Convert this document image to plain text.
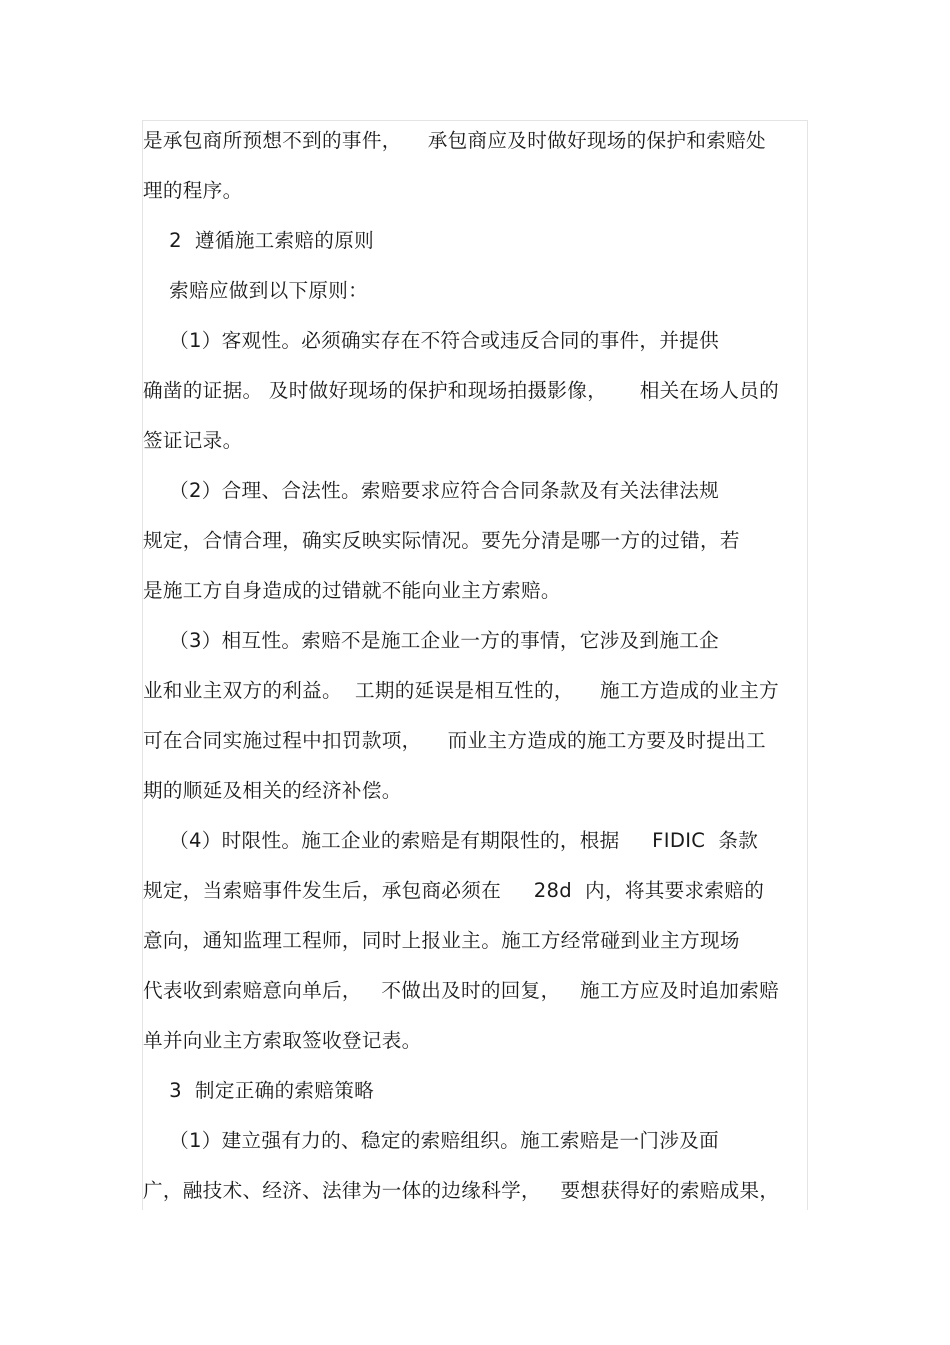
是承包商所预想不到的事件，    承包商应及时做好现场的保护和索赔处
理的程序。
2  遵循施工索赔的原则
索赔应做到以下原则：
（1）客观性。必须确实存在不符合或违反合同的事件，并提供
确凿的证据。 及时做好现场的保护和现场拍摄影像，     相关在场人员的
签证记录。
（2）合理、合法性。索赔要求应符合合同条款及有关法律法规
规定，合情合理，确实反映实际情况。要先分清是哪一方的过错，若
是施工方自身造成的过错就不能向业主方索赔。
（3）相互性。索赔不是施工企业一方的事情，它涉及到施工企
业和业主双方的利益。  工期的延误是相互性的，    施工方造成的业主方
可在合同实施过程中扣罚款项，    而业主方造成的施工方要及时提出工
期的顺延及相关的经济补偿。
（4）时限性。施工企业的索赔是有期限性的，根据     FIDIC  条款
规定，当索赔事件发生后，承包商必须在     28d  内，将其要求索赔的
意向，通知监理工程师，同时上报业主。施工方经常碰到业主方现场
代表收到索赔意向单后，   不做出及时的回复，   施工方应及时追加索赔
单并向业主方索取签收登记表。
3  制定正确的索赔策略
（1）建立强有力的、稳定的索赔组织。施工索赔是一门涉及面
广，融技术、经济、法律为一体的边缘科学，   要想获得好的索赔成果，
